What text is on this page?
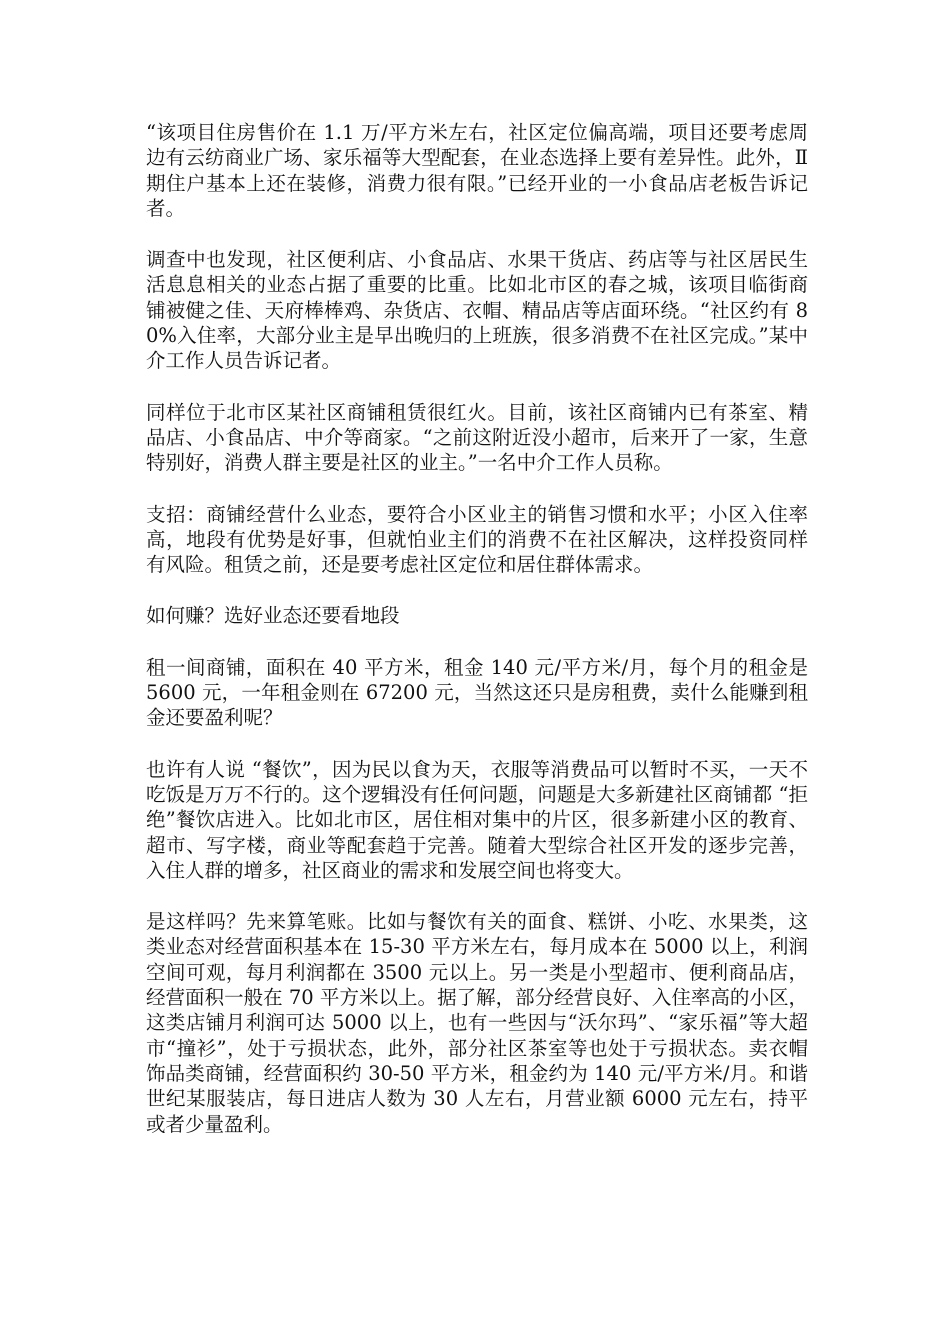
“该项目住房售价在 1.1 万/平方米左右，社区定位偏高端，项目还要考虑周边有云纺商业广场、家乐福等大型配套，在业态选择上要有差异性。此外，Ⅱ期住户基本上还在装修，消费力很有限。”已经开业的一小食品店老板告诉记者。

调查中也发现，社区便利店、小食品店、水果干货店、药店等与社区居民生活息息相关的业态占据了重要的比重。比如北市区的春之城，该项目临街商铺被健之佳、天府棒棒鸡、杂货店、衣帽、精品店等店面环绕。“社区约有 80%入住率，大部分业主是早出晚归的上班族，很多消费不在社区完成。”某中介工作人员告诉记者。

同样位于北市区某社区商铺租赁很红火。目前，该社区商铺内已有茶室、精品店、小食品店、中介等商家。“之前这附近没小超市，后来开了一家，生意特别好，消费人群主要是社区的业主。”一名中介工作人员称。

支招：商铺经营什么业态，要符合小区业主的销售习惯和水平；小区入住率高，地段有优势是好事，但就怕业主们的消费不在社区解决，这样投资同样有风险。租赁之前，还是要考虑社区定位和居住群体需求。

如何赚？选好业态还要看地段

租一间商铺，面积在 40 平方米，租金 140 元/平方米/月，每个月的租金是 5600 元，一年租金则在 67200 元，当然这还只是房租费，卖什么能赚到租金还要盈利呢？

也许有人说 “餐饮”，因为民以食为天，衣服等消费品可以暂时不买，一天不吃饭是万万不行的。这个逻辑没有任何问题，问题是大多新建社区商铺都 “拒绝”餐饮店进入。比如北市区，居住相对集中的片区，很多新建小区的教育、超市、写字楼，商业等配套趋于完善。随着大型综合社区开发的逐步完善，入住人群的增多，社区商业的需求和发展空间也将变大。

是这样吗？先来算笔账。比如与餐饮有关的面食、糕饼、小吃、水果类，这类业态对经营面积基本在 15-30 平方米左右，每月成本在 5000 以上，利润空间可观，每月利润都在 3500 元以上。另一类是小型超市、便利商品店，经营面积一般在 70 平方米以上。据了解，部分经营良好、入住率高的小区，这类店铺月利润可达 5000 以上，也有一些因与“沃尔玛”、“家乐福”等大超市“撞衫”，处于亏损状态，此外，部分社区茶室等也处于亏损状态。卖衣帽饰品类商铺，经营面积约 30-50 平方米，租金约为 140 元/平方米/月。和谐世纪某服装店，每日进店人数为 30 人左右，月营业额 6000 元左右，持平或者少量盈利。
